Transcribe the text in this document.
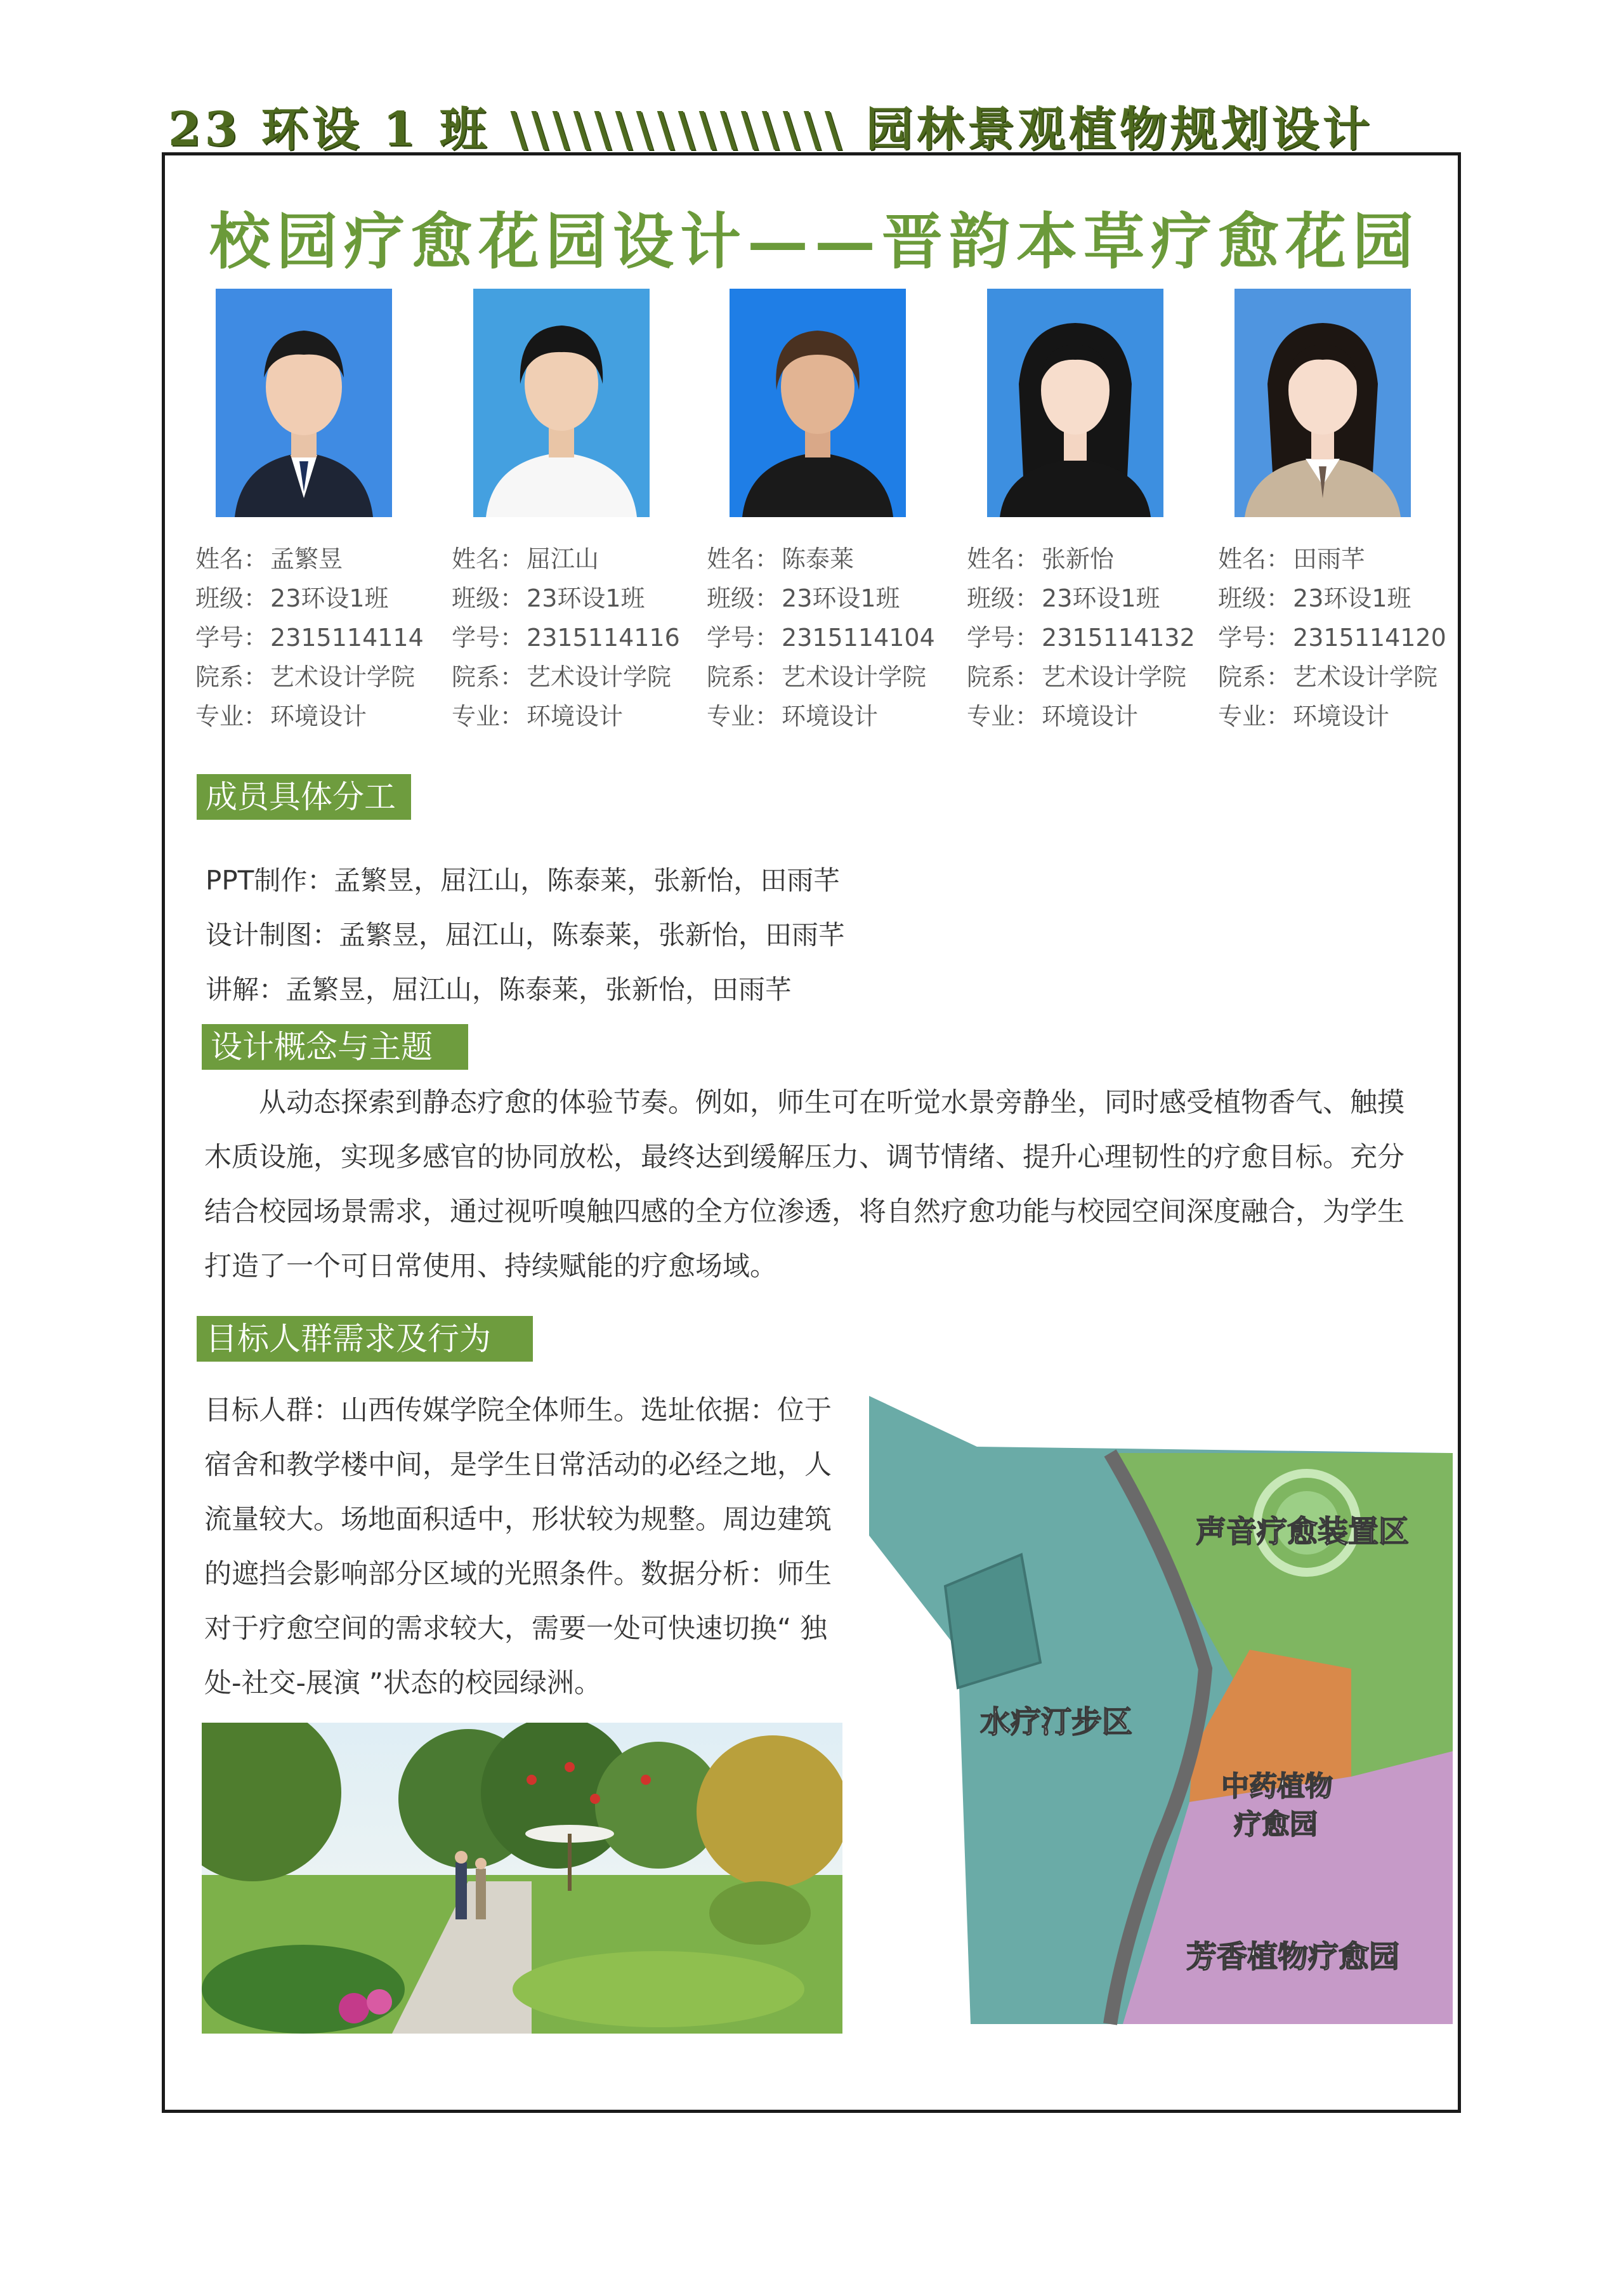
23 环设 1 班 \\\\\\\\\\\\\\\\ 园林景观植物规划设计
校园疗愈花园设计——晋韵本草疗愈花园
姓名： 孟繁昱
班级： 23环设1班
学号： 2315114114
院系： 艺术设计学院
专业： 环境设计
姓名： 屈江山
班级： 23环设1班
学号： 2315114116
院系： 艺术设计学院
专业： 环境设计
姓名： 陈泰莱
班级： 23环设1班
学号： 2315114104
院系： 艺术设计学院
专业： 环境设计
姓名： 张新怡
班级： 23环设1班
学号： 2315114132
院系： 艺术设计学院
专业： 环境设计
姓名： 田雨芊
班级： 23环设1班
学号： 2315114120
院系： 艺术设计学院
专业： 环境设计
成员具体分工
PPT制作：孟繁昱，屈江山，陈泰莱，张新怡，田雨芊
设计制图：孟繁昱，屈江山，陈泰莱，张新怡，田雨芊
讲解：孟繁昱，屈江山，陈泰莱，张新怡，田雨芊
设计概念与主题
从动态探索到静态疗愈的体验节奏。例如，师生可在听觉水景旁静坐，同时感受植物香气、触摸木质设施，实现多感官的协同放松，最终达到缓解压力、调节情绪、提升心理韧性的疗愈目标。充分结合校园场景需求，通过视听嗅触四感的全方位渗透，将自然疗愈功能与校园空间深度融合，为学生打造了一个可日常使用、持续赋能的疗愈场域。
目标人群需求及行为
目标人群：山西传媒学院全体师生。选址依据：位于宿舍和教学楼中间，是学生日常活动的必经之地，人流量较大。场地面积适中，形状较为规整。周边建筑的遮挡会影响部分区域的光照条件。数据分析：师生对于疗愈空间的需求较大，需要一处可快速切换“ 独处-社交-展演 ”状态的校园绿洲。
声音疗愈装置区
水疗汀步区
中药植物
疗愈园
芳香植物疗愈园
